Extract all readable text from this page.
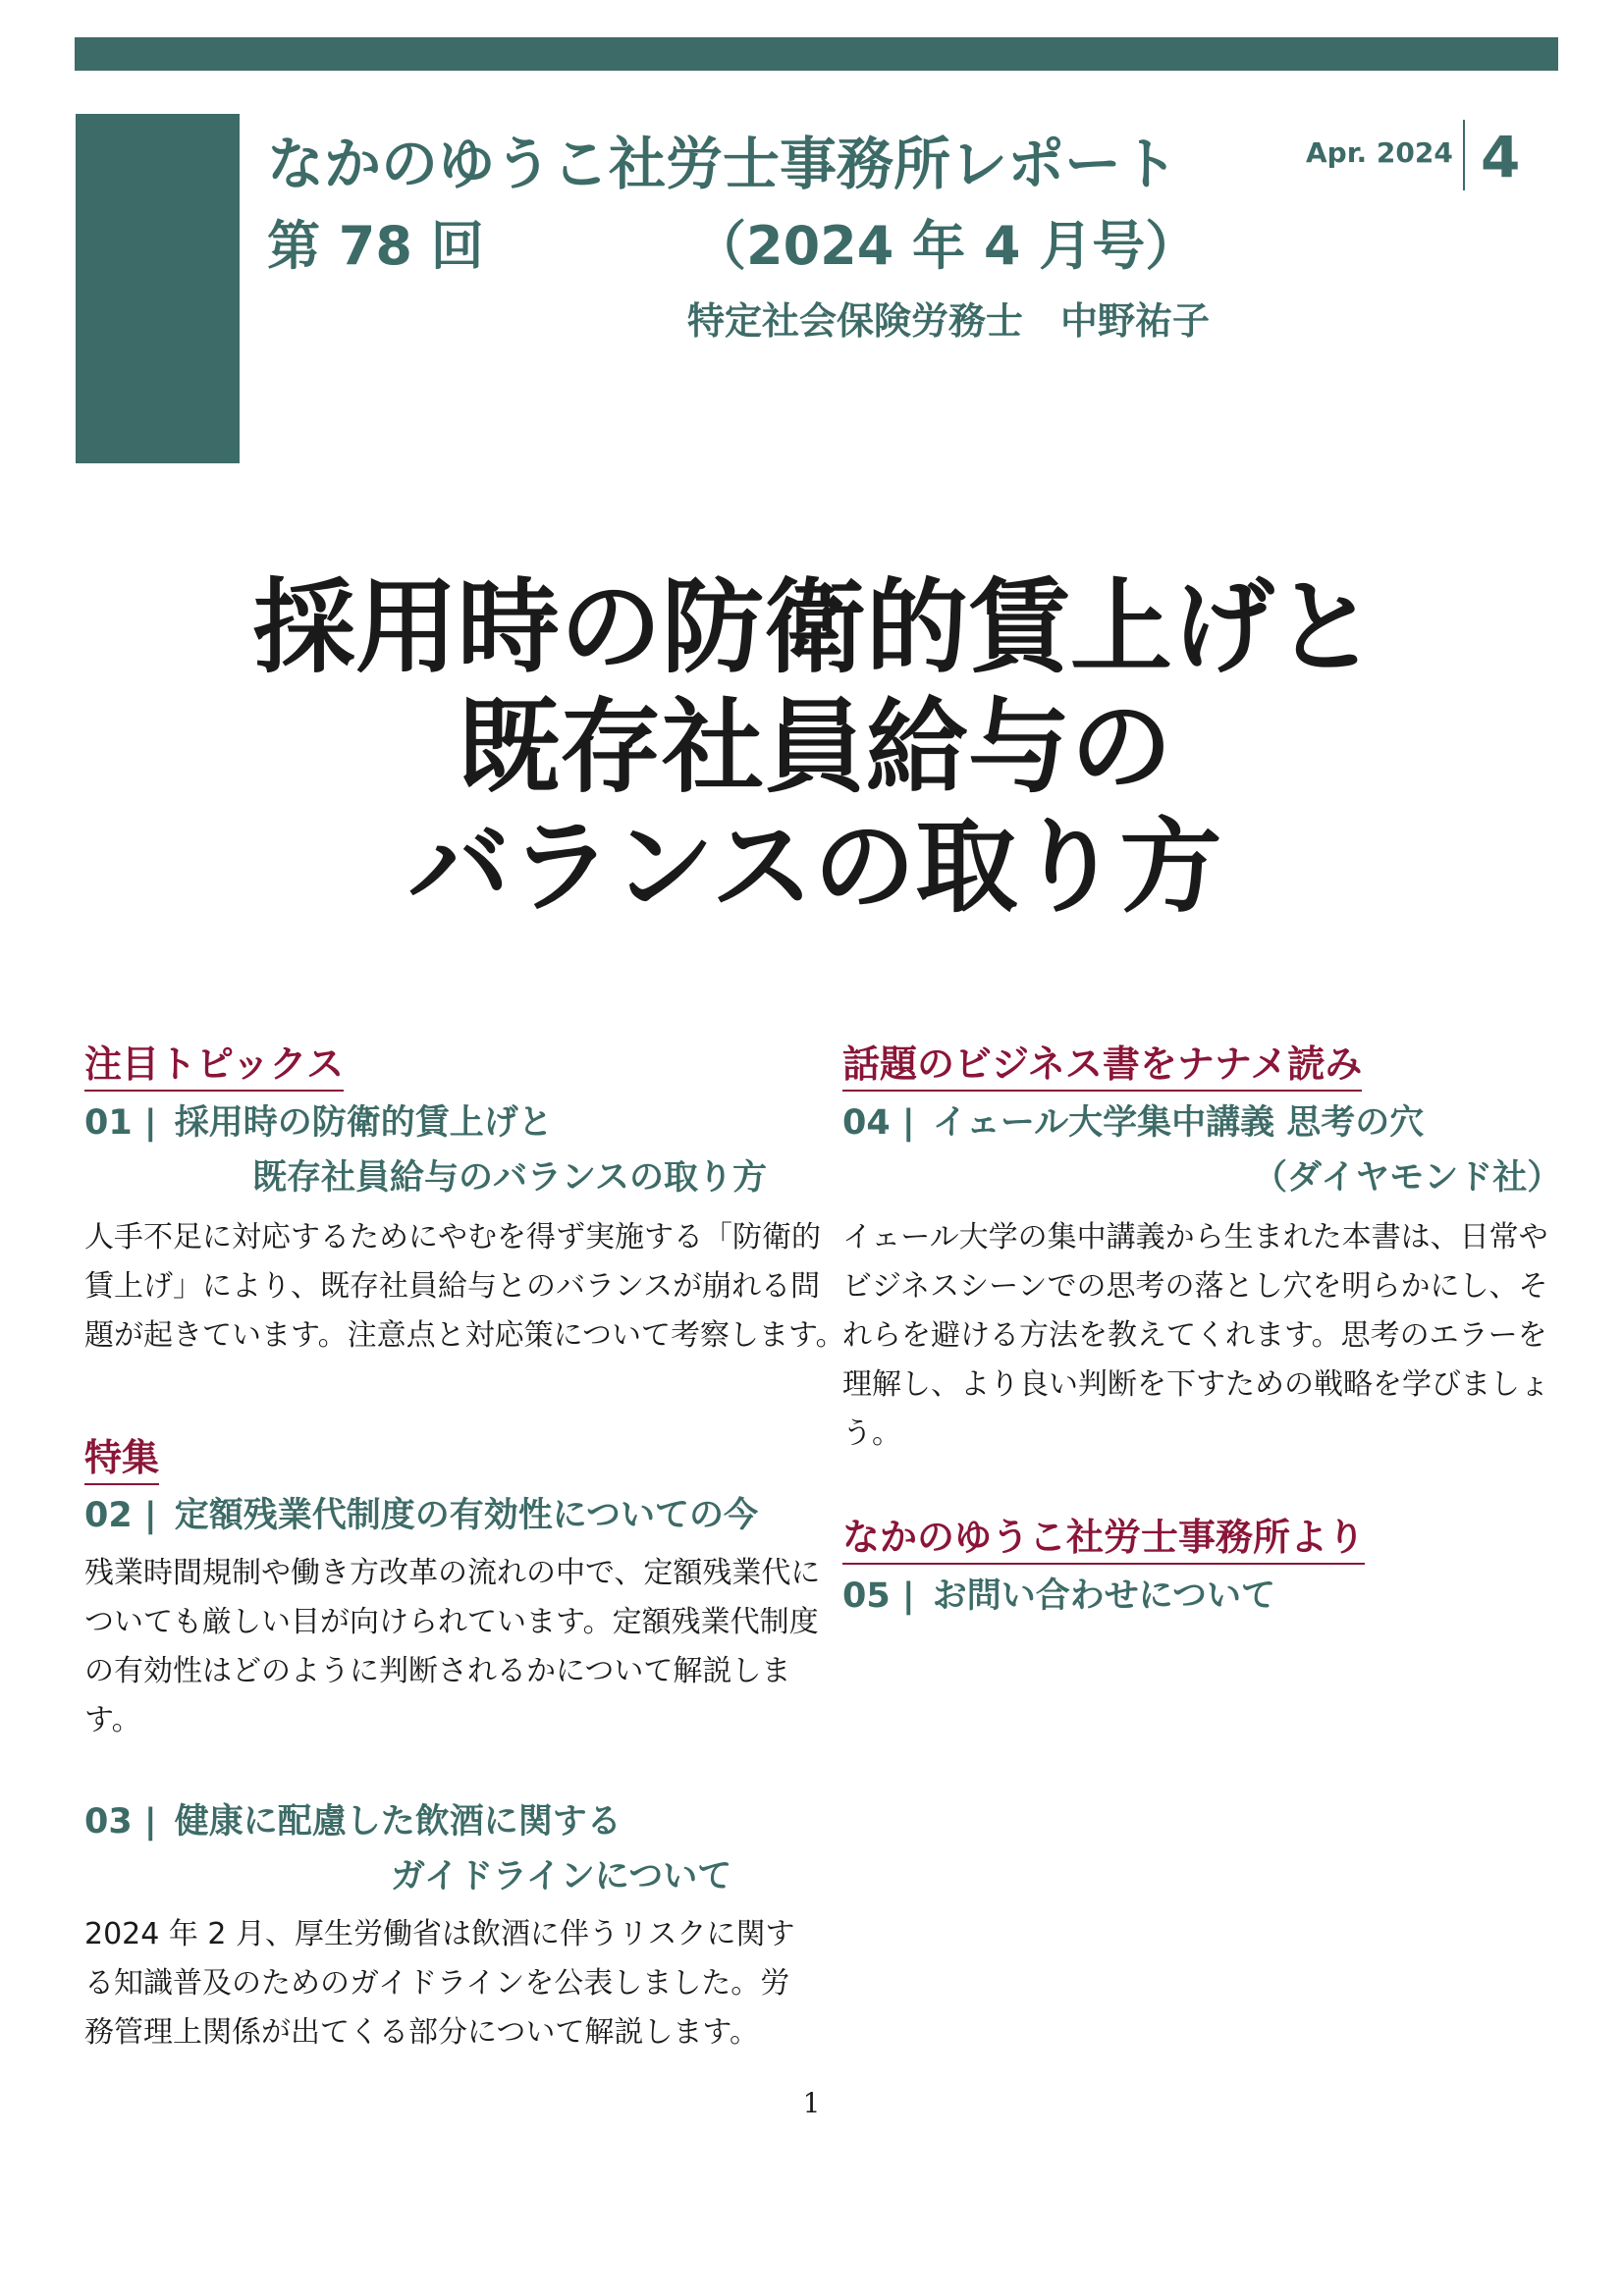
なかのゆうこ社労士事務所レポート
第 78 回	（2024 年 4 月号）
特定社会保険労務士　中野祐子
Apr. 2024 4
採用時の防衛的賃上げと
既存社員給与の
バランスの取り方
注目トピックス
01 | 採用時の防衛的賃上げと
既存社員給与のバランスの取り方
人手不足に対応するためにやむを得ず実施する「防衛的
賃上げ」により、既存社員給与とのバランスが崩れる問
題が起きています。注意点と対応策について考察します。
特集
02 | 定額残業代制度の有効性についての今
残業時間規制や働き方改革の流れの中で、定額残業代に
ついても厳しい目が向けられています。定額残業代制度
の有効性はどのように判断されるかについて解説しま
す。
03 | 健康に配慮した飲酒に関する
ガイドラインについて
2024 年 2 月、厚生労働省は飲酒に伴うリスクに関す
る知識普及のためのガイドラインを公表しました。労
務管理上関係が出てくる部分について解説します。
話題のビジネス書をナナメ読み
04 | イェール大学集中講義 思考の穴
（ダイヤモンド社）
イェール大学の集中講義から生まれた本書は、日常や
ビジネスシーンでの思考の落とし穴を明らかにし、そ
れらを避ける方法を教えてくれます。思考のエラーを
理解し、より良い判断を下すための戦略を学びましょ
う。
なかのゆうこ社労士事務所より
05 | お問い合わせについて
1
